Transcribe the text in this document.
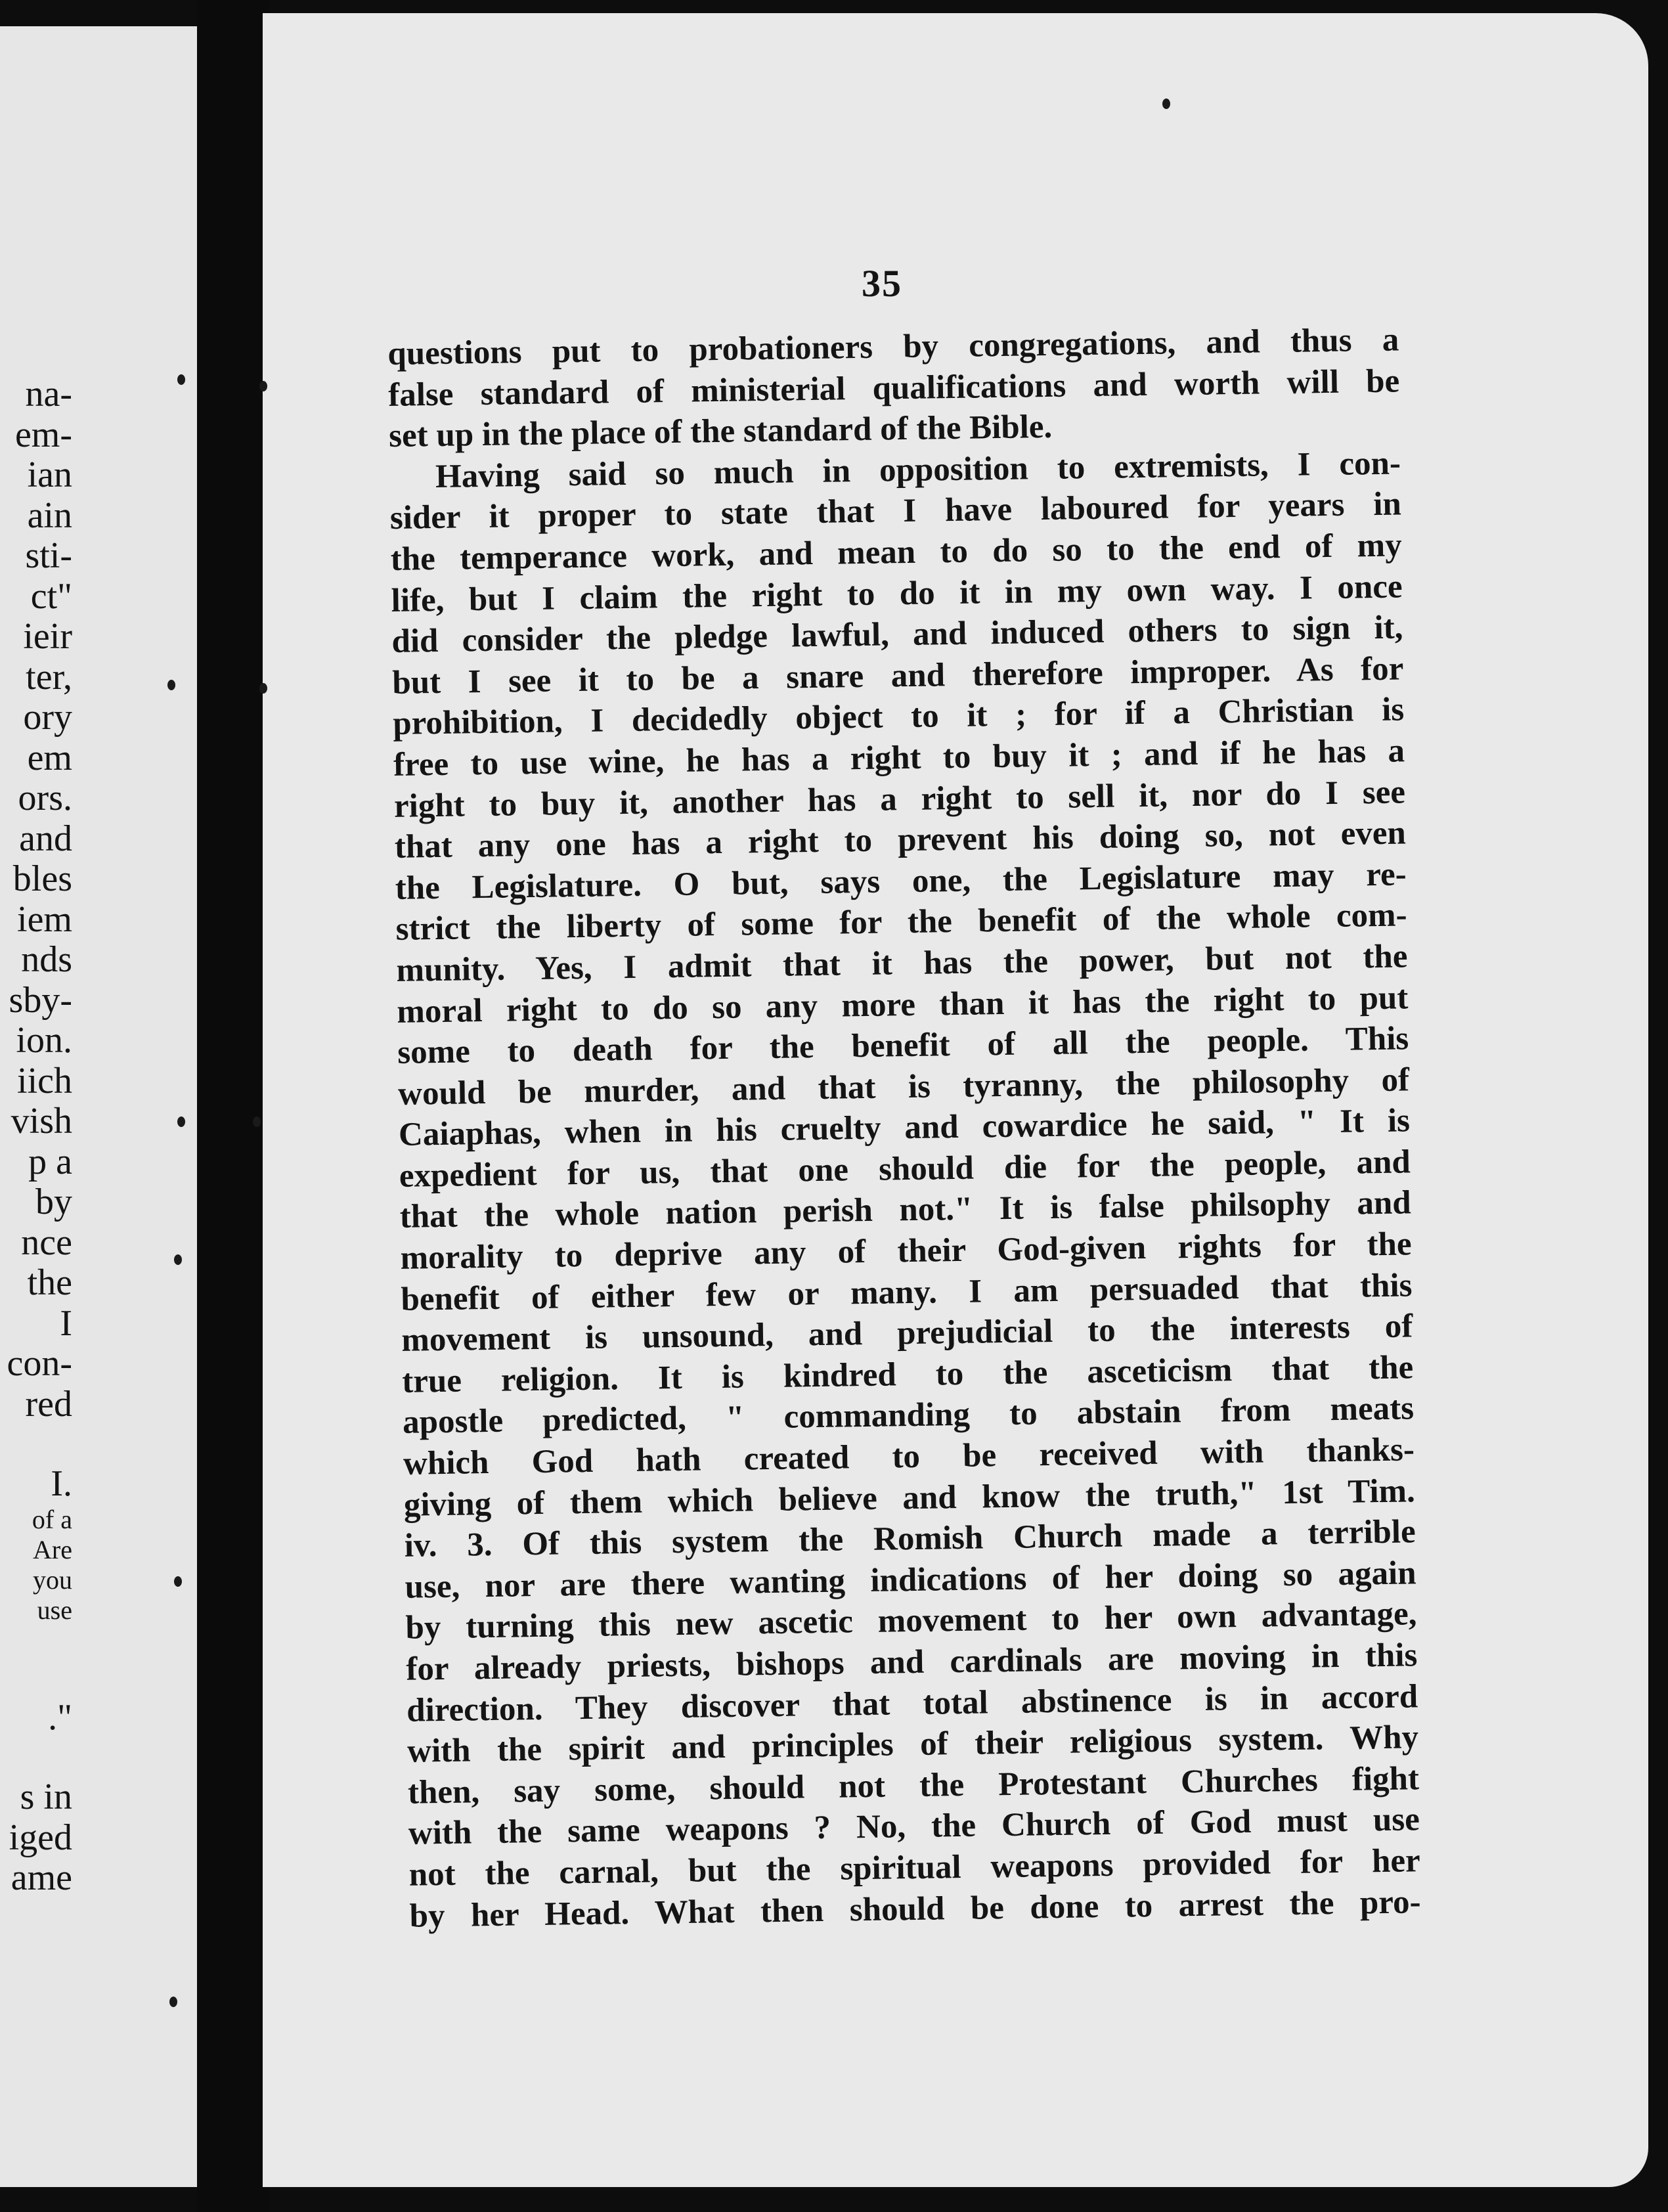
na-
em-
ian
ain
sti-
ct"
ieir
ter,
ory
em
ors.
and
bles
iem
nds
sby-
ion.
iich
vish
p a
by
nce
the
I
con-
red
I.
of a
Are
you
use
."
s in
iged
ame
35
questions put to probationers by congregations, and thus a
false standard of ministerial qualifications and worth will be
set up in the place of the standard of the Bible.
Having said so much in opposition to extremists, I con-
sider it proper to state that I have laboured for years in
the temperance work, and mean to do so to the end of my
life, but I claim the right to do it in my own way. I once
did consider the pledge lawful, and induced others to sign it,
but I see it to be a snare and therefore improper. As for
prohibition, I decidedly object to it ; for if a Christian is
free to use wine, he has a right to buy it ; and if he has a
right to buy it, another has a right to sell it, nor do I see
that any one has a right to prevent his doing so, not even
the Legislature. O but, says one, the Legislature may re-
strict the liberty of some for the benefit of the whole com-
munity. Yes, I admit that it has the power, but not the
moral right to do so any more than it has the right to put
some to death for the benefit of all the people. This
would be murder, and that is tyranny, the philosophy of
Caiaphas, when in his cruelty and cowardice he said, " It is
expedient for us, that one should die for the people, and
that the whole nation perish not." It is false philsophy and
morality to deprive any of their God-given rights for the
benefit of either few or many. I am persuaded that this
movement is unsound, and prejudicial to the interests of
true religion. It is kindred to the asceticism that the
apostle predicted, " commanding to abstain from meats
which God hath created to be received with thanks-
giving of them which believe and know the truth," 1st Tim.
iv. 3. Of this system the Romish Church made a terrible
use, nor are there wanting indications of her doing so again
by turning this new ascetic movement to her own advantage,
for already priests, bishops and cardinals are moving in this
direction. They discover that total abstinence is in accord
with the spirit and principles of their religious system. Why
then, say some, should not the Protestant Churches fight
with the same weapons ? No, the Church of God must use
not the carnal, but the spiritual weapons provided for her
by her Head. What then should be done to arrest the pro-
